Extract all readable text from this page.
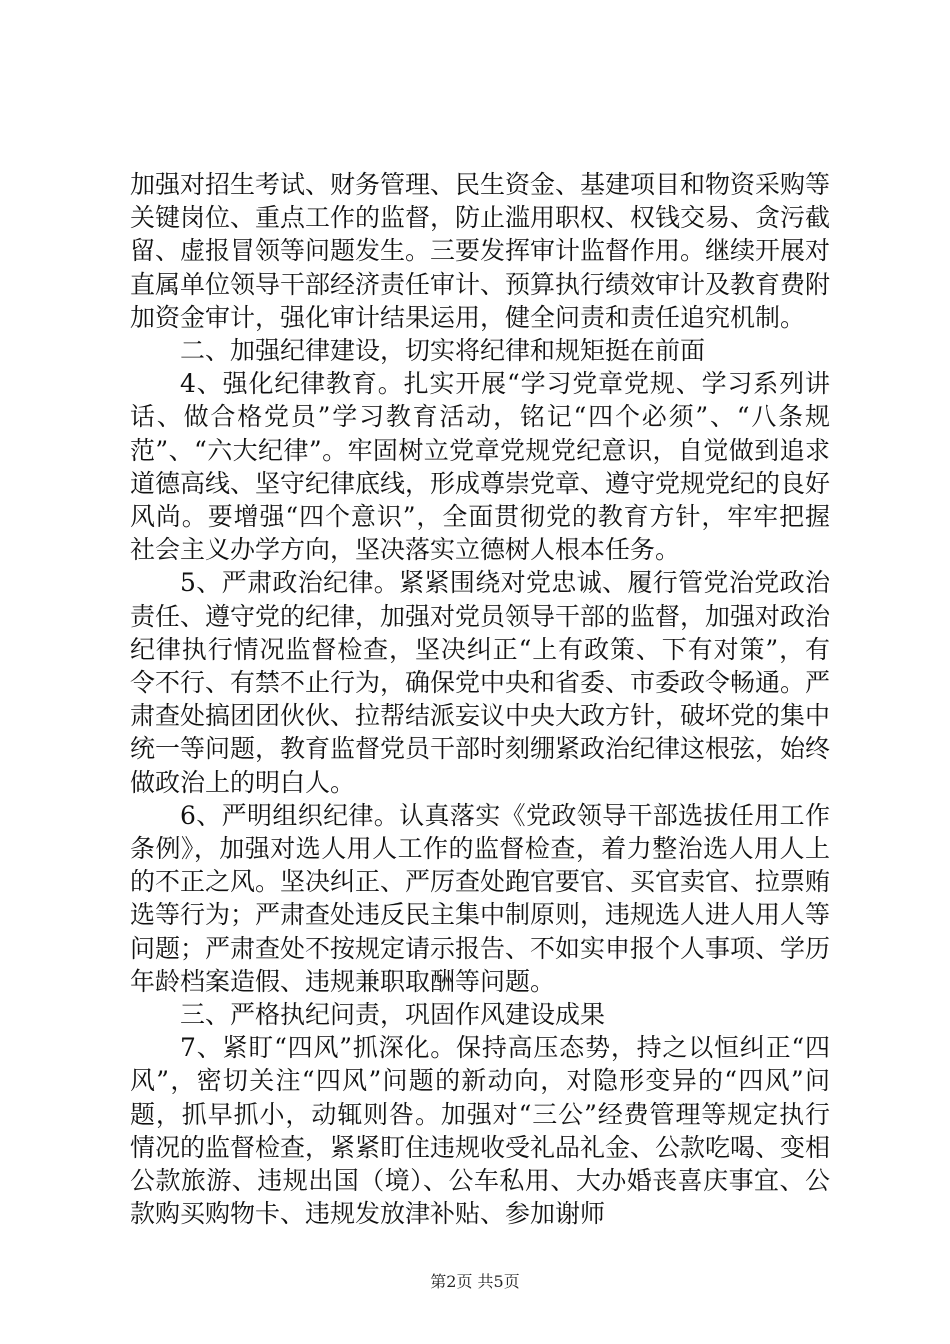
加强对招生考试、财务管理、民生资金、基建项目和物资采购等关键岗位、重点工作的监督，防止滥用职权、权钱交易、贪污截留、虚报冒领等问题发生。三要发挥审计监督作用。继续开展对直属单位领导干部经济责任审计、预算执行绩效审计及教育费附加资金审计，强化审计结果运用，健全问责和责任追究机制。

二、加强纪律建设，切实将纪律和规矩挺在前面

4、强化纪律教育。扎实开展“学习党章党规、学习系列讲话、做合格党员”学习教育活动，铭记“四个必须”、“八条规范”、“六大纪律”。牢固树立党章党规党纪意识，自觉做到追求道德高线、坚守纪律底线，形成尊崇党章、遵守党规党纪的良好风尚。要增强“四个意识”，全面贯彻党的教育方针，牢牢把握社会主义办学方向，坚决落实立德树人根本任务。

5、严肃政治纪律。紧紧围绕对党忠诚、履行管党治党政治责任、遵守党的纪律，加强对党员领导干部的监督，加强对政治纪律执行情况监督检查，坚决纠正“上有政策、下有对策”，有令不行、有禁不止行为，确保党中央和省委、市委政令畅通。严肃查处搞团团伙伙、拉帮结派妄议中央大政方针，破坏党的集中统一等问题，教育监督党员干部时刻绷紧政治纪律这根弦，始终做政治上的明白人。

6、严明组织纪律。认真落实《党政领导干部选拔任用工作条例》，加强对选人用人工作的监督检查，着力整治选人用人上的不正之风。坚决纠正、严厉查处跑官要官、买官卖官、拉票贿选等行为；严肃查处违反民主集中制原则，违规选人进人用人等问题；严肃查处不按规定请示报告、不如实申报个人事项、学历年龄档案造假、违规兼职取酬等问题。

三、严格执纪问责，巩固作风建设成果

7、紧盯“四风”抓深化。保持高压态势，持之以恒纠正“四风”，密切关注“四风”问题的新动向，对隐形变异的“四风”问题，抓早抓小，动辄则咎。加强对“三公”经费管理等规定执行情况的监督检查，紧紧盯住违规收受礼品礼金、公款吃喝、变相公款旅游、违规出国（境）、公车私用、大办婚丧喜庆事宜、公款购买购物卡、违规发放津补贴、参加谢师

第2页 共5页
